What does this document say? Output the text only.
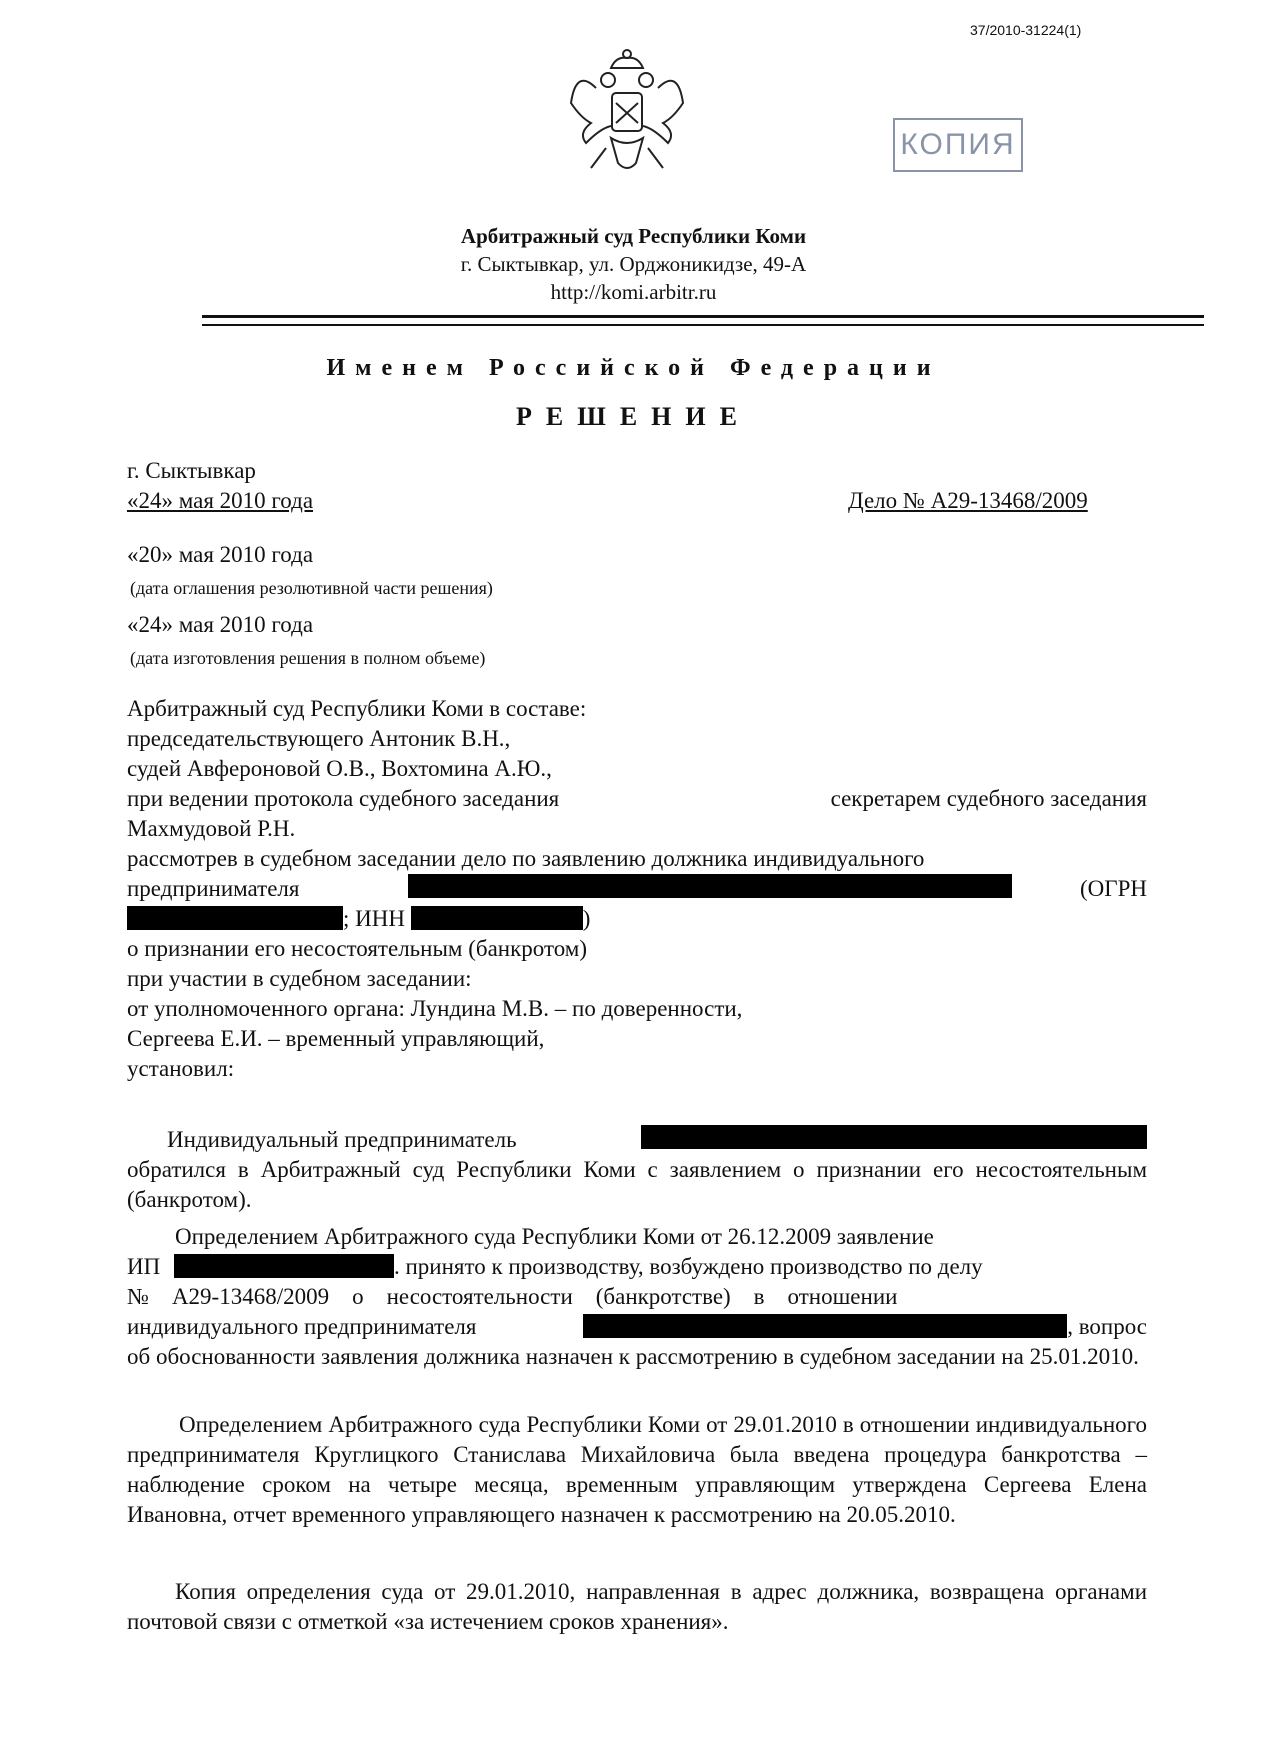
37/2010-31224(1)
КОПИЯ
Арбитражный суд Республики Коми
г. Сыктывкар, ул. Орджоникидзе, 49-А
http://komi.arbitr.ru
Именем Российской Федерации
РЕШЕНИЕ
г. Сыктывкар
«24» мая 2010 года	Дело № А29-13468/2009
«20» мая 2010 года
(дата оглашения резолютивной части решения)
«24» мая 2010 года
(дата изготовления решения в полном объеме)
Арбитражный суд Республики Коми в составе:
председательствующего Антоник В.Н.,
судей Авфероновой О.В., Вохтомина А.Ю.,
при ведении протокола судебного заседания	секретарем судебного заседания
Махмудовой Р.Н.
рассмотрев в судебном заседании дело по заявлению должника индивидуального
предпринимателя	(ОГРН
; ИНН	)
о признании его несостоятельным (банкротом)
при участии в судебном заседании:
от уполномоченного органа: Лундина М.В. – по доверенности,
Сергеева Е.И. – временный управляющий,
установил:
Индивидуальный предприниматель
обратился в Арбитражный суд Республики Коми с заявлением о признании его несостоятельным (банкротом).
Определением Арбитражного суда Республики Коми от 26.12.2009 заявление
ИП	. принято к производству, возбуждено производство по делу
№    А29-13468/2009    о    несостоятельности    (банкротстве)    в    отношении
индивидуального предпринимателя	, вопрос
об обоснованности заявления должника назначен к рассмотрению в судебном заседании на 25.01.2010.
Определением Арбитражного суда Республики Коми от 29.01.2010 в отношении индивидуального предпринимателя Круглицкого Станислава Михайловича была введена процедура банкротства – наблюдение сроком на четыре месяца, временным управляющим утверждена Сергеева Елена Ивановна, отчет временного управляющего назначен к рассмотрению на 20.05.2010.
Копия определения суда от 29.01.2010, направленная в адрес должника, возвращена органами почтовой связи с отметкой «за истечением сроков хранения».
